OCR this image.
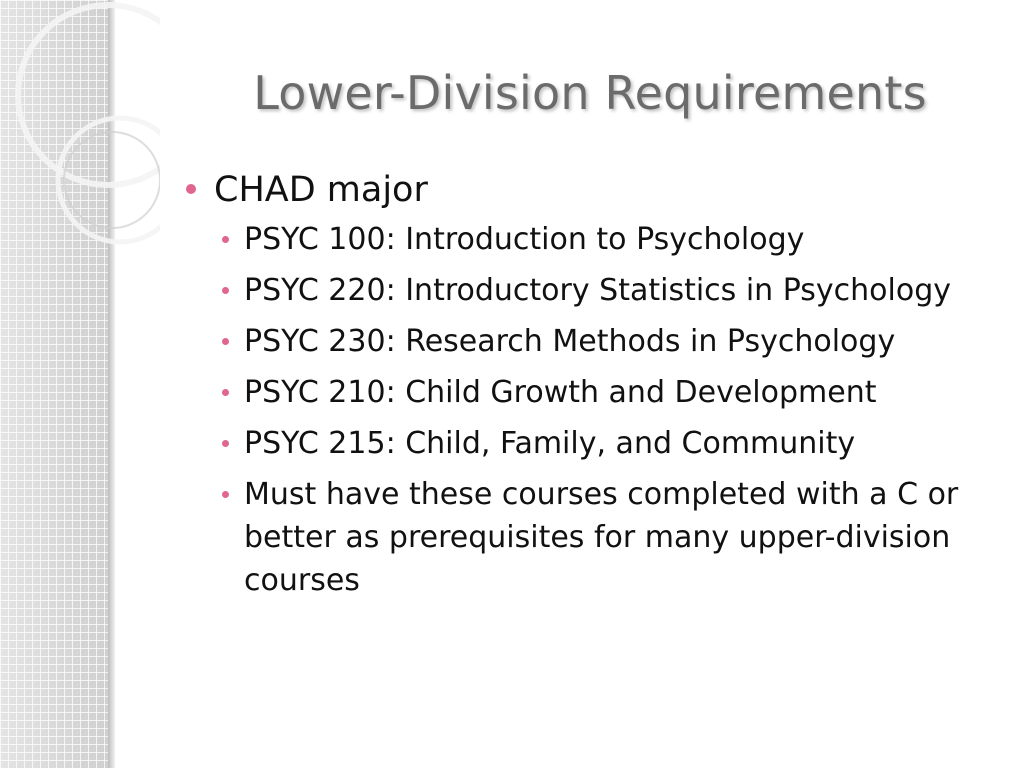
Lower-Division Requirements
CHAD major
PSYC 100: Introduction to Psychology
PSYC 220: Introductory Statistics in Psychology
PSYC 230: Research Methods in Psychology
PSYC 210: Child Growth and Development
PSYC 215: Child, Family, and Community
Must have these courses completed with a C or better as prerequisites for many upper-division courses
